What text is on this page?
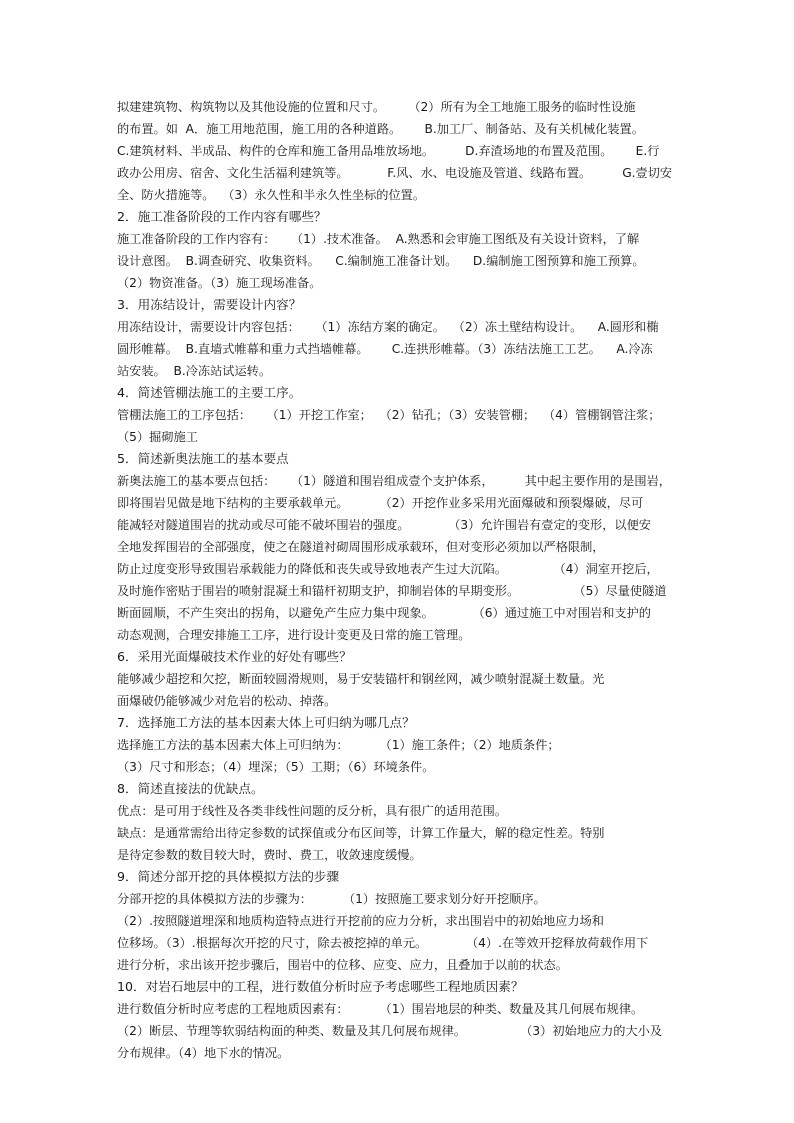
拟建建筑物、构筑物以及其他设施的位置和尺寸。      （2）所有为全工地施工服务的临时性设施
的布置。如  A．施工用地范围，施工用的各种道路。      B.加工厂、制备站、及有关机械化装置。
C.建筑材料、半成品、构件的仓库和施工备用品堆放场地。        D.弃渣场地的布置及范围。      E.行
政办公用房、宿舍、文化生活福利建筑等。          F.风、水、电设施及管道、线路布置。        G.壹切安
全、防火措施等。  （3）永久性和半永久性坐标的位置。
2．施工准备阶段的工作内容有哪些？
施工准备阶段的工作内容有：    （1）.技术准备。  A.熟悉和会审施工图纸及有关设计资料，了解
设计意图。  B.调查研究、收集资料。    C.编制施工准备计划。    D.编制施工图预算和施工预算。
（2）物资准备。（3）施工现场准备。
3．用冻结设计，需要设计内容？
用冻结设计，需要设计内容包括：    （1）冻结方案的确定。  （2）冻土壁结构设计。    A.圆形和椭
圆形帷幕。  B.直墙式帷幕和重力式挡墙帷幕。      C.连拱形帷幕。（3）冻结法施工工艺。    A.冷冻
站安装。  B.冷冻站试运转。
4．简述管棚法施工的主要工序。
管棚法施工的工序包括：    （1）开挖工作室；  （2）钻孔；（3）安装管棚；  （4）管棚钢管注浆；
（5）掘砌施工
5．简述新奥法施工的基本要点
新奥法施工的基本要点包括：    （1）隧道和围岩组成壹个支护体系，        其中起主要作用的是围岩，
即将围岩见做是地下结构的主要承载单元。        （2）开挖作业多采用光面爆破和预裂爆破，尽可
能减轻对隧道围岩的扰动或尽可能不破坏围岩的强度。          （3）允许围岩有壹定的变形，以便安
全地发挥围岩的全部强度，使之在隧道衬砌周围形成承载环，但对变形必须加以严格限制，
防止过度变形导致围岩承载能力的降低和丧失或导致地表产生过大沉陷。            （4）洞室开挖后，
及时施作密贴于围岩的喷射混凝土和锚杆初期支护，抑制岩体的早期变形。              （5）尽量使隧道
断面圆顺，不产生突出的拐角，以避免产生应力集中现象。          （6）通过施工中对围岩和支护的
动态观测，合理安排施工工序，进行设计变更及日常的施工管理。
6．采用光面爆破技术作业的好处有哪些？
能够减少超挖和欠挖，断面较圆滑规则，易于安装锚杆和钢丝网，减少喷射混凝土数量。光
面爆破仍能够减少对危岩的松动、掉落。
7．选择施工方法的基本因素大体上可归纳为哪几点？
选择施工方法的基本因素大体上可归纳为：        （1）施工条件；（2）地质条件；
（3）尺寸和形态；（4）埋深；（5）工期；（6）环境条件。
8．简述直接法的优缺点。
优点：是可用于线性及各类非线性问题的反分析，具有很广的适用范围。
缺点：是通常需给出待定参数的试探值或分布区间等，计算工作量大，解的稳定性差。特别
是待定参数的数目较大时，费时、费工，收敛速度缓慢。
9．简述分部开挖的具体模拟方法的步骤
分部开挖的具体模拟方法的步骤为：        （1）按照施工要求划分好开挖顺序。
（2）.按照隧道埋深和地质构造特点进行开挖前的应力分析，求出围岩中的初始地应力场和
位移场。（3）.根据每次开挖的尺寸，除去被挖掉的单元。          （4）.在等效开挖释放荷载作用下
进行分析，求出该开挖步骤后，围岩中的位移、应变、应力，且叠加于以前的状态。
10．对岩石地层中的工程，进行数值分析时应予考虑哪些工程地质因素？
进行数值分析时应考虑的工程地质因素有：        （1）围岩地层的种类、数量及其几何展布规律。
（2）断层、节理等软弱结构面的种类、数量及其几何展布规律。              （3）初始地应力的大小及
分布规律。（4）地下水的情况。
